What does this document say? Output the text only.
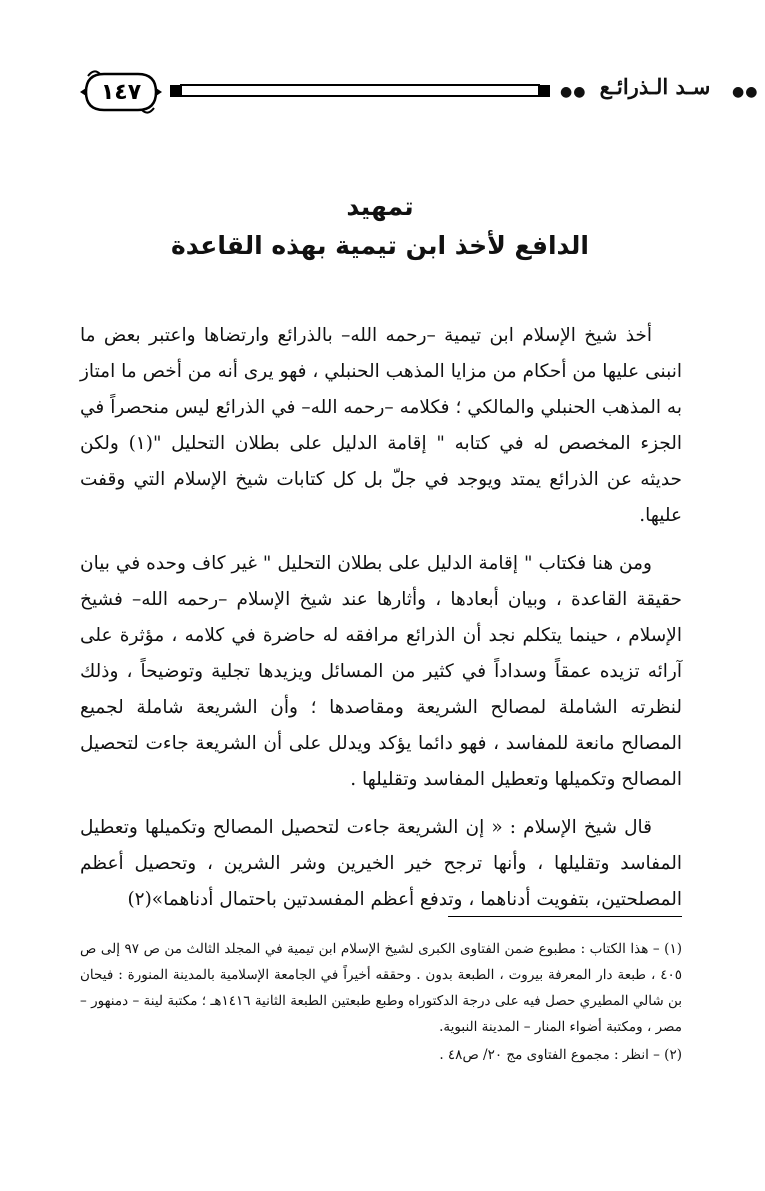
١٤٧	●● سـد الـذرائـع	●●

تمهيد

الدافع لأخذ ابن تيمية بهذه القاعدة

أخذ شيخ الإسلام ابن تيمية –رحمه الله– بالذرائع وارتضاها واعتبر بعض ما انبنى عليها من أحكام من مزايا المذهب الحنبلي ، فهو يرى أنه من أخص ما امتاز به المذهب الحنبلي والمالكي ؛ فكلامه –رحمه الله– في الذرائع ليس منحصراً في الجزء المخصص له في كتابه " إقامة الدليل على بطلان التحليل "(١) ولكن حديثه عن الذرائع يمتد ويوجد في جلّ بل كل كتابات شيخ الإسلام التي وقفت عليها.

ومن هنا فكتاب " إقامة الدليل على بطلان التحليل " غير كاف وحده في بيان حقيقة القاعدة ، وبيان أبعادها ، وأثارها عند شيخ الإسلام –رحمه الله– فشيخ الإسلام ، حينما يتكلم نجد أن الذرائع مرافقه له حاضرة في كلامه ، مؤثرة على آرائه تزيده عمقاً وسداداً في كثير من المسائل ويزيدها تجلية وتوضيحاً ، وذلك لنظرته الشاملة لمصالح الشريعة ومقاصدها ؛ وأن الشريعة شاملة لجميع المصالح مانعة للمفاسد ، فهو دائما يؤكد ويدلل على أن الشريعة جاءت لتحصيل المصالح وتكميلها وتعطيل المفاسد وتقليلها .

قال شيخ الإسلام : « إن الشريعة جاءت لتحصيل المصالح وتكميلها وتعطيل المفاسد وتقليلها ، وأنها ترجح خير الخيرين وشر الشرين ، وتحصيل أعظم المصلحتين، بتفويت أدناهما ، وتدفع أعظم المفسدتين باحتمال أدناهما»(٢)

(١) – هذا الكتاب : مطبوع ضمن الفتاوى الكبرى لشيخ الإسلام ابن تيمية في المجلد الثالث من ص ٩٧ إلى ص ٤٠٥ ، طبعة دار المعرفة بيروت ، الطبعة بدون . وحققه أخيراً في الجامعة الإسلامية بالمدينة المنورة : فيحان بن شالي المطيري حصل فيه على درجة الدكتوراه وطبع طبعتين الطبعة الثانية ١٤١٦هـ ؛ مكتبة لينة – دمنهور – مصر ، ومكتبة أضواء المنار – المدينة النبوية.

(٢) – انظر : مجموع الفتاوى مج ٢٠/ ص٤٨ .
